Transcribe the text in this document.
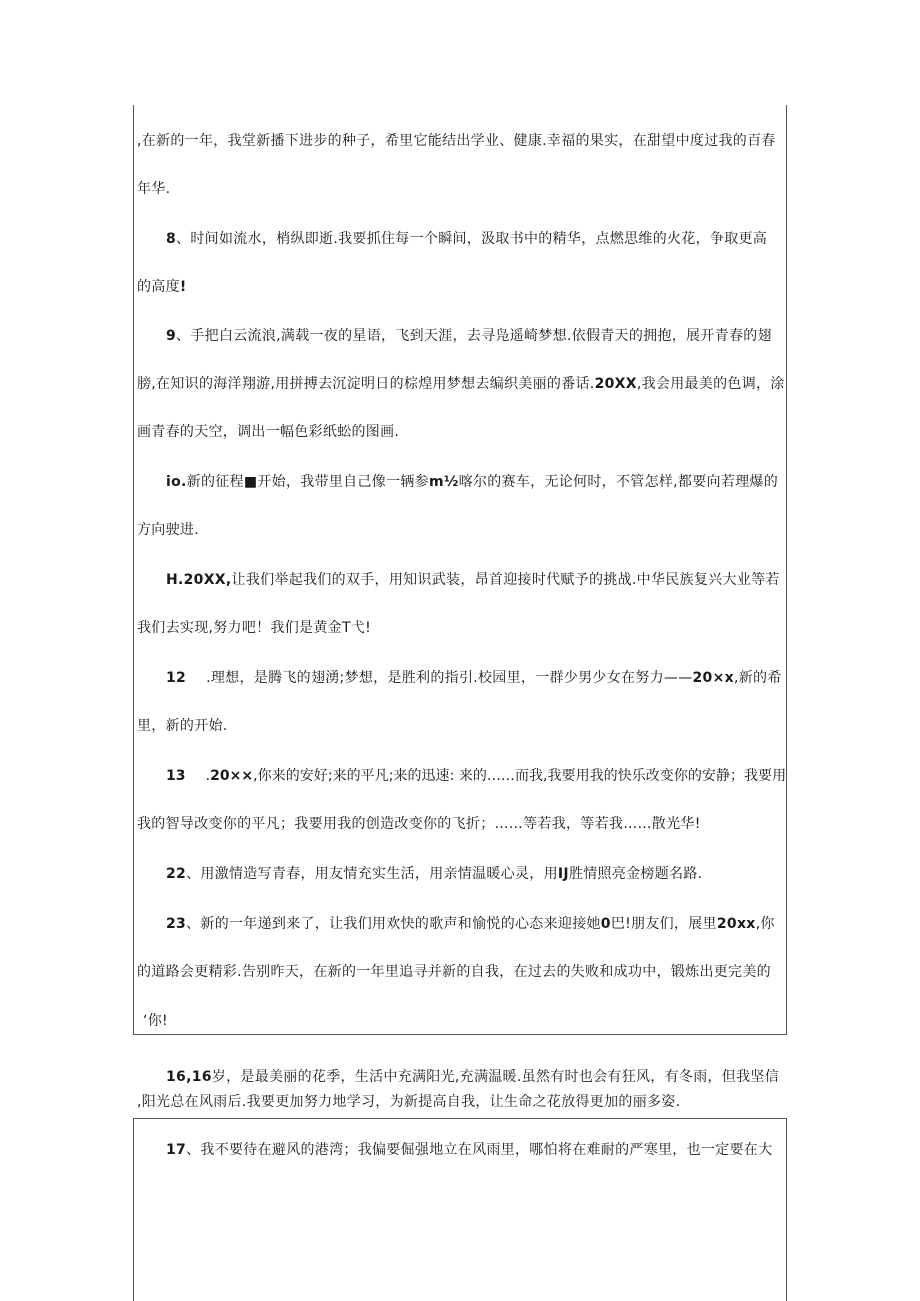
,在新的一年，我堂新播下进步的种子，希里它能结出学业、健康.幸福的果实，在甜望中度过我的百春
年华.
8、时间如流水，梢纵即逝.我要抓住每一个瞬间，汲取书中的精华，点燃思维的火花，争取更高
的高度!
9、手把白云流浪,满载一夜的星语，飞到天涯，去寻凫遥崎梦想.依假青天的拥抱，展开青春的翅
膀,在知识的海洋翔游,用拼搏去沉淀明日的棕煌用梦想去编织美丽的番话.20XX,我会用最美的色调，涂
画青春的天空，调出一幅色彩纸蚣的图画.
io.新的征程■开始，我带里自己像一辆参m½喀尔的赛车，无论何时，不管怎样,都要向若理爆的
方向驶进.
H.20XX,让我们举起我们的双手，用知识武装，昂首迎接时代赋予的挑战.中华民族复兴大业等若
我们去实现,努力吧！我们是黄金T弋!
12 .理想，是腾飞的翅湧;梦想，是胜利的指引.校园里，一群少男少女在努力——20×x,新的希
里，新的开始.
13 .20××,你来的安好;来的平凡;来的迅速: 来的……而我,我要用我的快乐改变你的安静；我要用
我的智导改变你的平凡；我要用我的创造改变你的飞折；……等若我，等若我……散光华!
22、用激情造写青春，用友情充实生活，用亲情温暖心灵，用IJ胜情照亮金榜题名路.
23、新的一年递到来了，让我们用欢快的歌声和愉悦的心态来迎接她0巴!朋友们，展里20xx,你
的道路会更精彩.告别昨天，在新的一年里追寻并新的自我，在过去的失败和成功中，锻炼出更完美的
‘你!
16,16岁，是最美丽的花季，生活中充满阳光,充满温暖.虽然有时也会有狂风，有冬雨，但我坚信
,阳光总在风雨后.我要更加努力地学习，为新提高自我，让生命之花放得更加的丽多姿.
17、我不要待在避风的港湾；我偏要倔强地立在风雨里，哪怕将在难耐的严寒里，也一定要在大
